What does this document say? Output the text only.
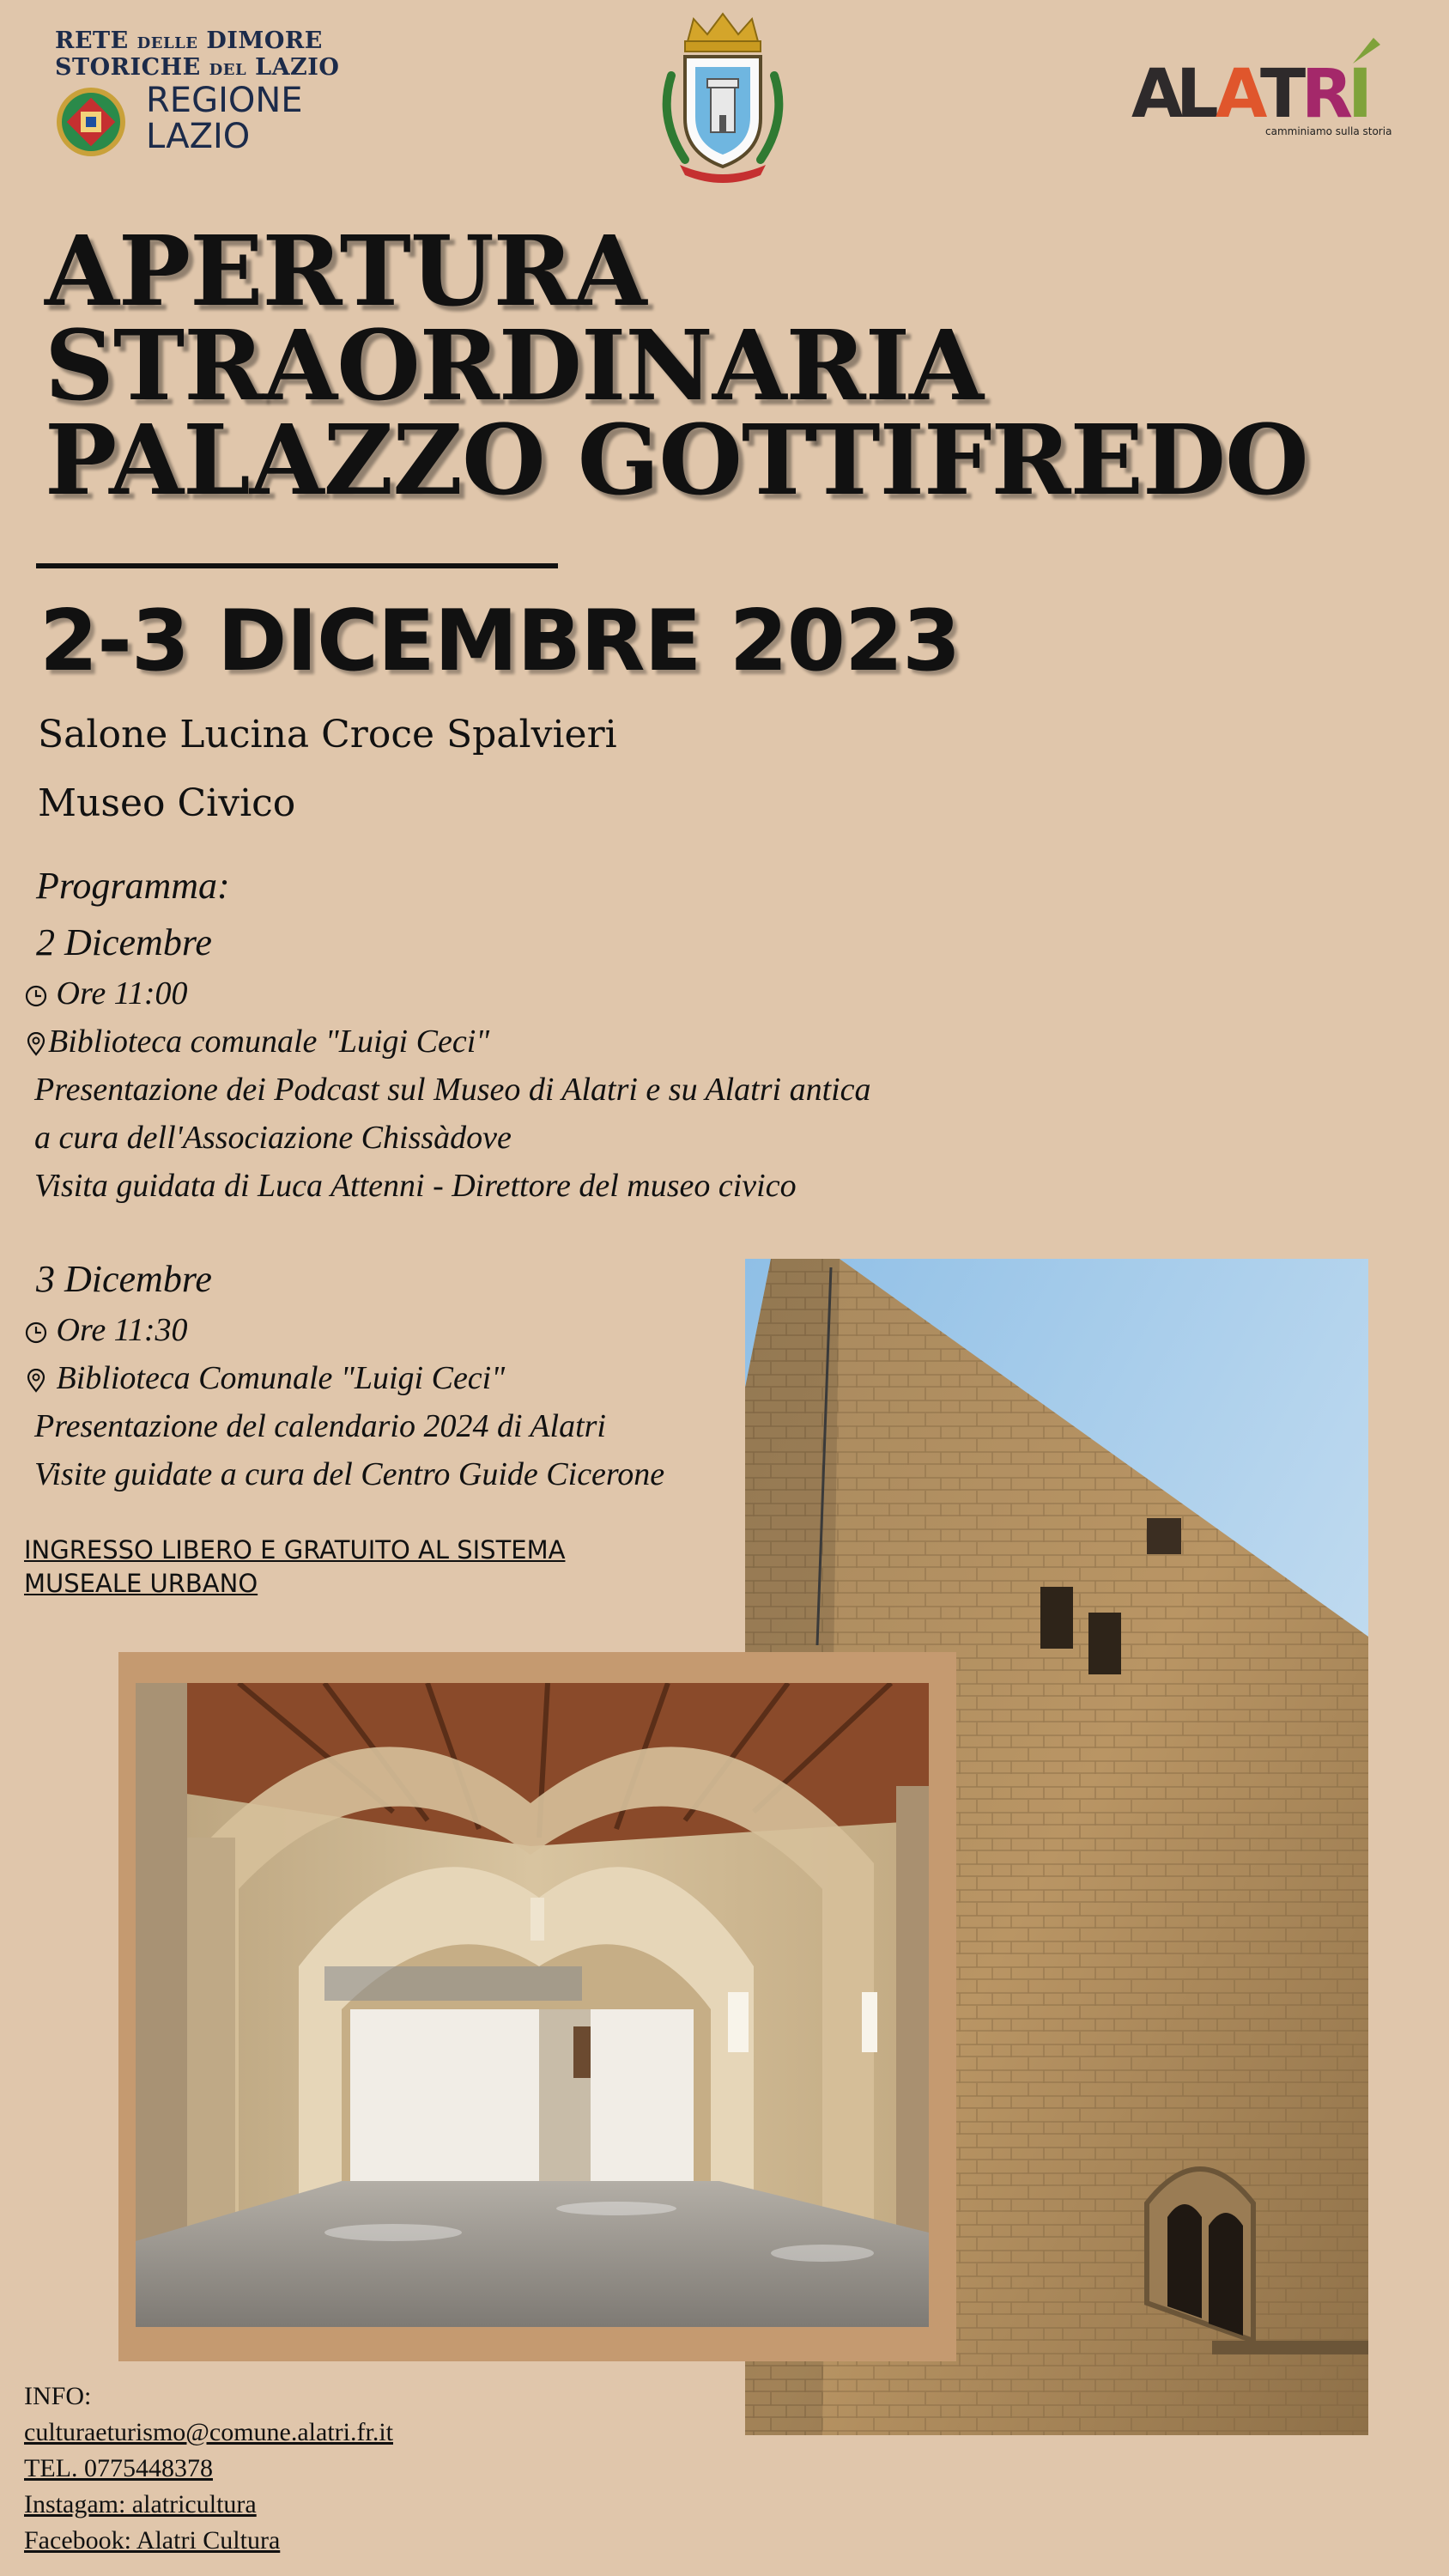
RETE DELLE DIMORE
STORICHE DEL LAZIO
REGIONE
LAZIO
A
L
A
T
R
I
camminiamo sulla storia
APERTURA
STRAORDINARIA
PALAZZO GOTTIFREDO
2-3 DICEMBRE 2023
Salone Lucina Croce Spalvieri
Museo Civico
Programma:
2 Dicembre
Ore 11:00
Biblioteca comunale "Luigi Ceci"
Presentazione dei Podcast sul Museo di Alatri e su Alatri antica
a cura dell'Associazione Chissàdove
Visita guidata di Luca Attenni - Direttore del museo civico
3 Dicembre
Ore 11:30
Biblioteca Comunale "Luigi Ceci"
Presentazione del calendario 2024 di Alatri
Visite guidate a cura del Centro Guide Cicerone
INGRESSO LIBERO E GRATUITO AL SISTEMA
MUSEALE URBANO
INFO:
culturaeturismo@comune.alatri.fr.it
TEL. 0775448378
Instagam: alatricultura
Facebook: Alatri Cultura
